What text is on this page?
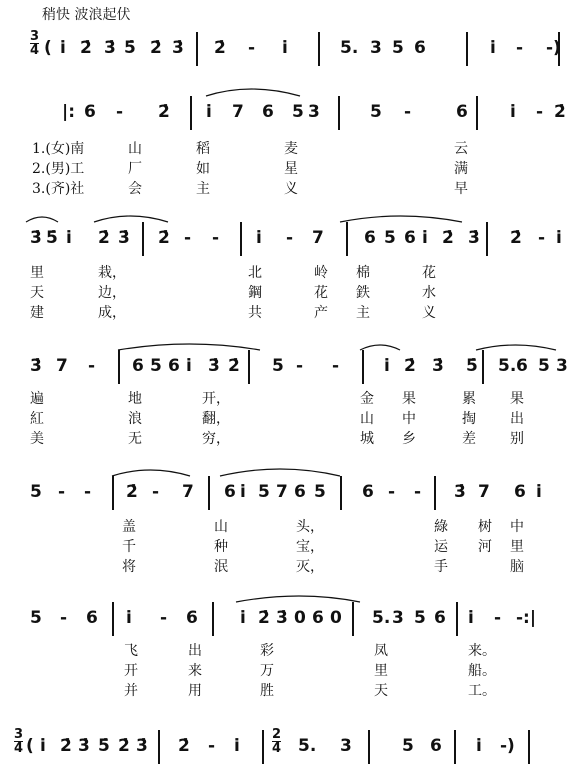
稍快 波浪起伏
3
4 ( i̇ 2̇ 3̇ 5̇ 2̇ 3̇ 2̇ - i̇	5. 3 5 6	i̇ - -)
|: 6 - 2̇ i̇ 7 6 5 3	5 -	6 i̇ - 2̇
1.(女)南	山	稻	麦	云
2.(男)工	厂	如	星	满
3.(齐)社	会	主	义	早
3̇ 5̇ i̇ 2̇ 3̇ 2̇ - - i̇ - 7 6 5 6 i̇ 2̇ 3̇ 2̇ - i̇
里	栽，	北	岭 棉	花
天	边，	鋼	花 鉄	水
建	成，	共	产 主	义
3̇ 7 - 6 5 6 i̇ 3̇ 2̇ 5 - -	i̇ 2̇ 3̇ 5̇ 5. 6 5 3
遍	地	开，	金 果	累 果
紅	浪	翻，	山 中	掏 出
美	无	穷，	城 乡	差 别
5 - - 2̇ - 7 6 i̇ 5 7 6 5 6 - - 3̇ 7 6 i̇
盖	山	头，	綠 树 中
千	种	宝，	运 河 里
将	泯	灭，	手	脑
5 - 6 i̇ - 6 i̇ 2̇ 3̇ 0 6 0 5. 3 5 6 i̇ - -:|
飞	出	彩	凤	来。
开	来	万	里	船。
并	用	胜	天	工。
3
4
2
4
( i̇ 2̇ 3̇ 5̇ 2̇ 3̇ 2̇ - i̇	5. 3	5 6 i̇ -)
